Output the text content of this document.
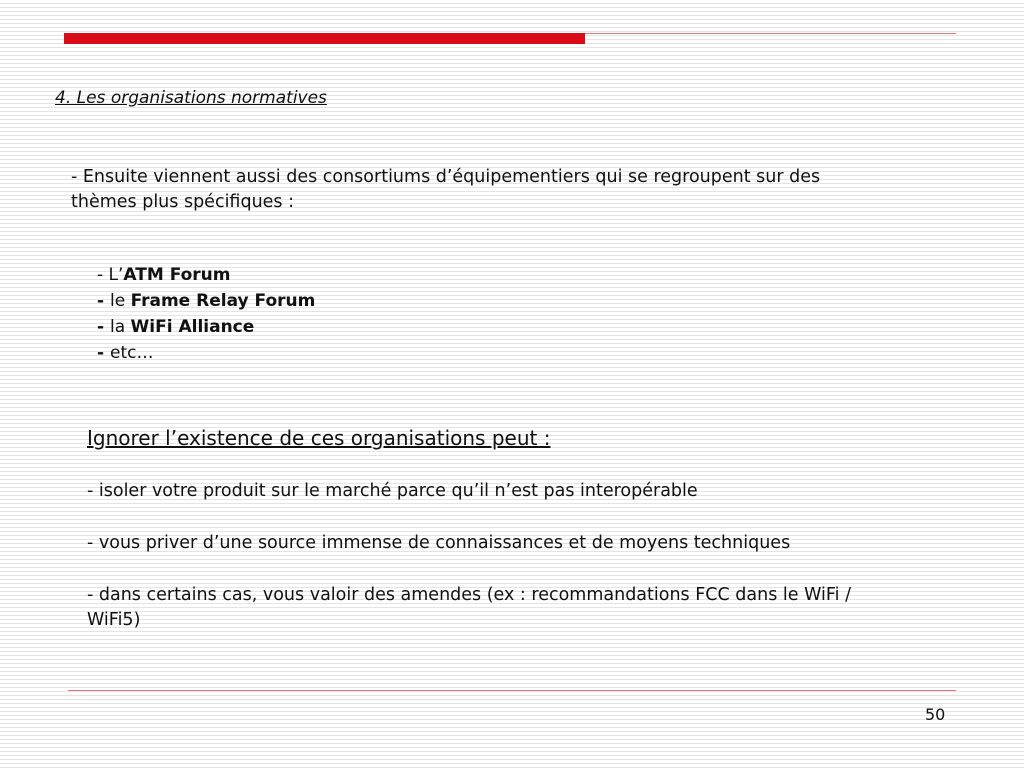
4. Les organisations normatives
- Ensuite viennent aussi des consortiums d’équipementiers qui se regroupent sur des thèmes plus spécifiques :
- L’ATM Forum
- le Frame Relay Forum
- la WiFi Alliance
- etc…
Ignorer l’existence de ces organisations peut :
- isoler votre produit sur le marché parce qu’il n’est pas interopérable
- vous priver d’une source immense de connaissances et de moyens techniques
- dans certains cas, vous valoir des amendes (ex : recommandations FCC dans le WiFi / WiFi5)
50
